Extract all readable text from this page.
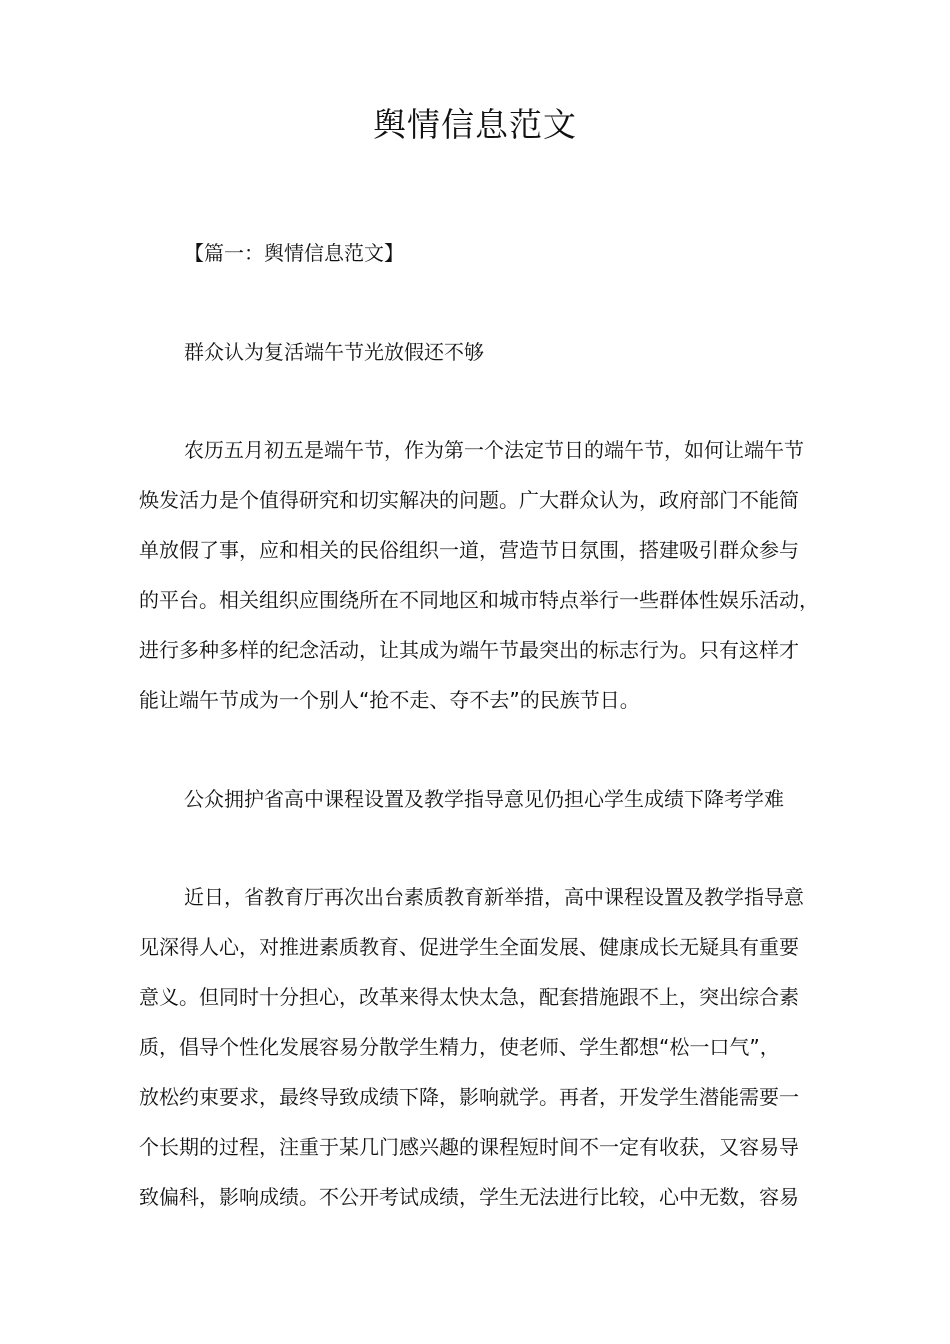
舆情信息范文
【篇一：舆情信息范文】
群众认为复活端午节光放假还不够
农历五月初五是端午节，作为第一个法定节日的端午节，如何让端午节
焕发活力是个值得研究和切实解决的问题。广大群众认为，政府部门不能简
单放假了事，应和相关的民俗组织一道，营造节日氛围，搭建吸引群众参与
的平台。相关组织应围绕所在不同地区和城市特点举行一些群体性娱乐活动，
进行多种多样的纪念活动，让其成为端午节最突出的标志行为。只有这样才
能让端午节成为一个别人“抢不走、夺不去”的民族节日。
公众拥护省高中课程设置及教学指导意见仍担心学生成绩下降考学难
近日，省教育厅再次出台素质教育新举措，高中课程设置及教学指导意
见深得人心，对推进素质教育、促进学生全面发展、健康成长无疑具有重要
意义。但同时十分担心，改革来得太快太急，配套措施跟不上，突出综合素
质，倡导个性化发展容易分散学生精力，使老师、学生都想“松一口气”，
放松约束要求，最终导致成绩下降，影响就学。再者，开发学生潜能需要一
个长期的过程，注重于某几门感兴趣的课程短时间不一定有收获，又容易导
致偏科，影响成绩。不公开考试成绩，学生无法进行比较，心中无数，容易
